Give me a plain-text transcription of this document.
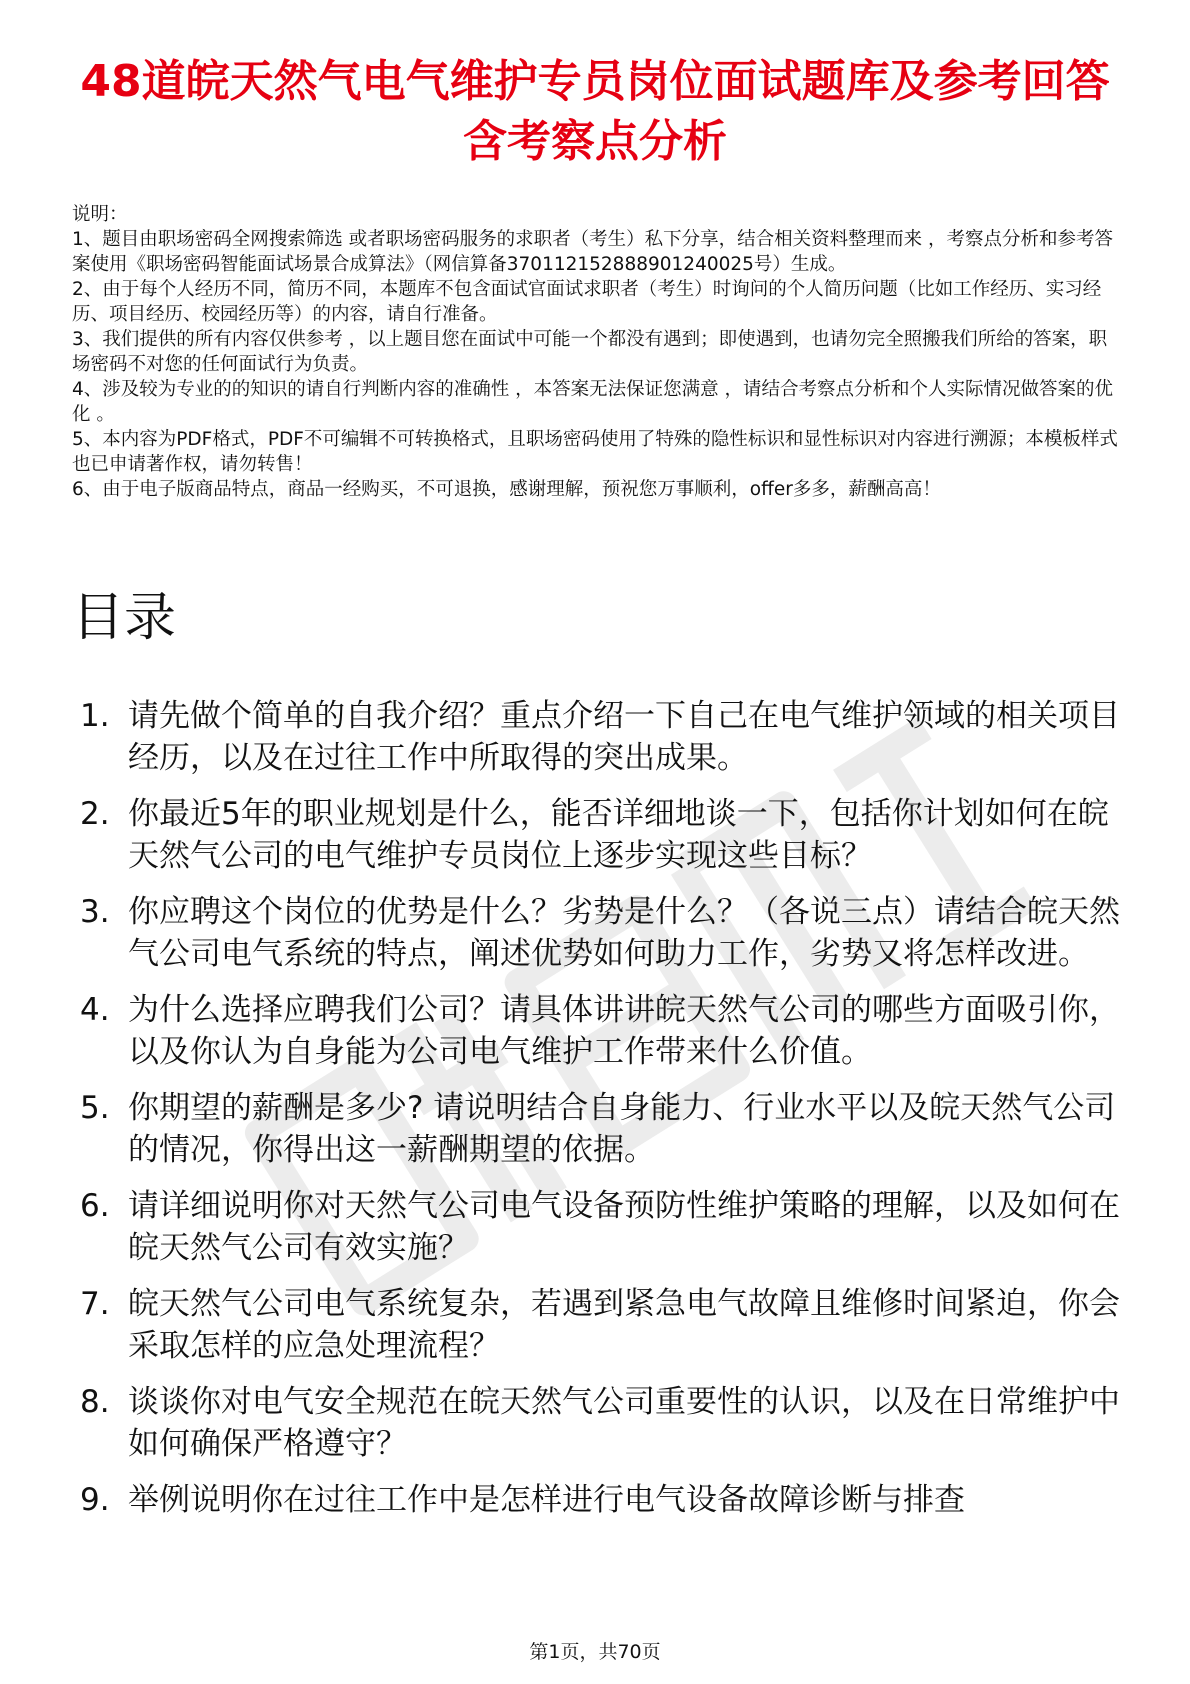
48道皖天然气电气维护专员岗位面试题库及参考回答含考察点分析

说明：

1、题目由职场密码全网搜索筛选 或者职场密码服务的求职者（考生）私下分享，结合相关资料整理而来 ，考察点分析和参考答案使用《职场密码智能面试场景合成算法》（网信算备370112152888901240025号）生成。

2、由于每个人经历不同，简历不同，本题库不包含面试官面试求职者（考生）时询问的个人简历问题（比如工作经历、实习经历、项目经历、校园经历等）的内容，请自行准备。

3、我们提供的所有内容仅供参考 ，以上题目您在面试中可能一个都没有遇到；即使遇到，也请勿完全照搬我们所给的答案，职场密码不对您的任何面试行为负责。

4、涉及较为专业的的知识的请自行判断内容的准确性 ，本答案无法保证您满意 ，请结合考察点分析和个人实际情况做答案的优化 。

5、本内容为PDF格式，PDF不可编辑不可转换格式，且职场密码使用了特殊的隐性标识和显性标识对内容进行溯源；本模板样式也已申请著作权，请勿转售！

6、由于电子版商品特点，商品一经购买，不可退换，感谢理解，预祝您万事顺利，offer多多，薪酬高高！

目录
1. 请先做个简单的自我介绍？重点介绍一下自己在电气维护领域的相关项目经历，以及在过往工作中所取得的突出成果。
2. 你最近5年的职业规划是什么，能否详细地谈一下，包括你计划如何在皖天然气公司的电气维护专员岗位上逐步实现这些目标？
3. 你应聘这个岗位的优势是什么？劣势是什么？（各说三点）请结合皖天然气公司电气系统的特点，阐述优势如何助力工作，劣势又将怎样改进。
4. 为什么选择应聘我们公司？请具体讲讲皖天然气公司的哪些方面吸引你，以及你认为自身能为公司电气维护工作带来什么价值。
5. 你期望的薪酬是多少? 请说明结合自身能力、行业水平以及皖天然气公司的情况，你得出这一薪酬期望的依据。
6. 请详细说明你对天然气公司电气设备预防性维护策略的理解，以及如何在皖天然气公司有效实施？
7. 皖天然气公司电气系统复杂，若遇到紧急电气故障且维修时间紧迫，你会采取怎样的应急处理流程？
8. 谈谈你对电气安全规范在皖天然气公司重要性的认识，以及在日常维护中如何确保严格遵守？
9. 举例说明你在过往工作中是怎样进行电气设备故障诊断与排查
第1页，共70页
